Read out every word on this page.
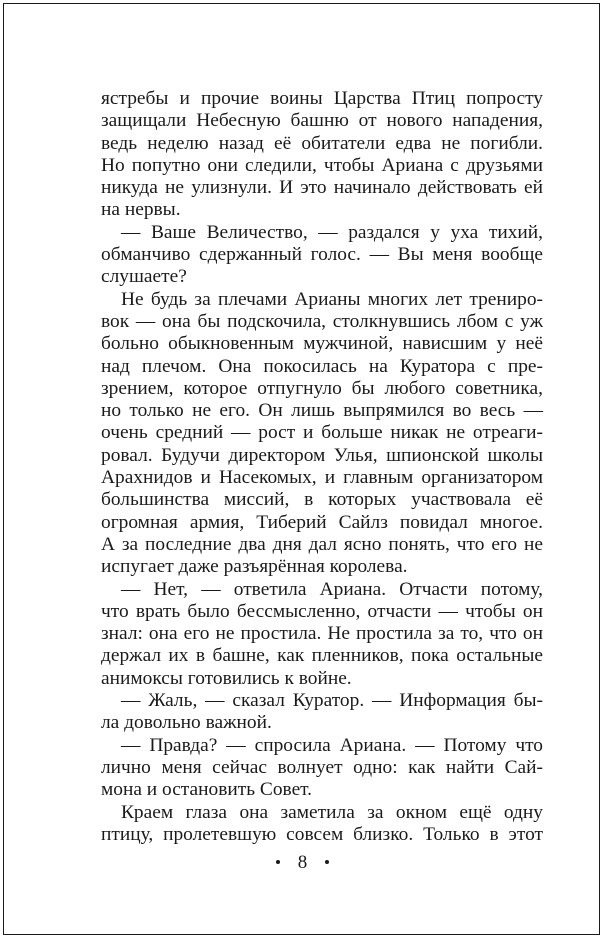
ястребы и прочие воины Царства Птиц попросту
защищали Небесную башню от нового нападения,
ведь неделю назад её обитатели едва не погибли.
Но попутно они следили, чтобы Ариана с друзьями
никуда не улизнули. И это начинало действовать ей
на нервы.
— Ваше Величество, — раздался у уха тихий,
обманчиво сдержанный голос. — Вы меня вообще
слушаете?
Не будь за плечами Арианы многих лет трениро-
вок — она бы подскочила, столкнувшись лбом с уж
больно обыкновенным мужчиной, нависшим у неё
над плечом. Она покосилась на Куратора с пре-
зрением, которое отпугнуло бы любого советника,
но только не его. Он лишь выпрямился во весь —
очень средний — рост и больше никак не отреаги-
ровал. Будучи директором Улья, шпионской школы
Арахнидов и Насекомых, и главным организатором
большинства миссий, в которых участвовала её
огромная армия, Тиберий Сайлз повидал многое.
А за последние два дня дал ясно понять, что его не
испугает даже разъярённая королева.
— Нет, — ответила Ариана. Отчасти потому,
что врать было бессмысленно, отчасти — чтобы он
знал: она его не простила. Не простила за то, что он
держал их в башне, как пленников, пока остальные
анимоксы готовились к войне.
— Жаль, — сказал Куратор. — Информация бы-
ла довольно важной.
— Правда? — спросила Ариана. — Потому что
лично меня сейчас волнует одно: как найти Сай-
мона и остановить Совет.
Краем глаза она заметила за окном ещё одну
птицу, пролетевшую совсем близко. Только в этот
8
